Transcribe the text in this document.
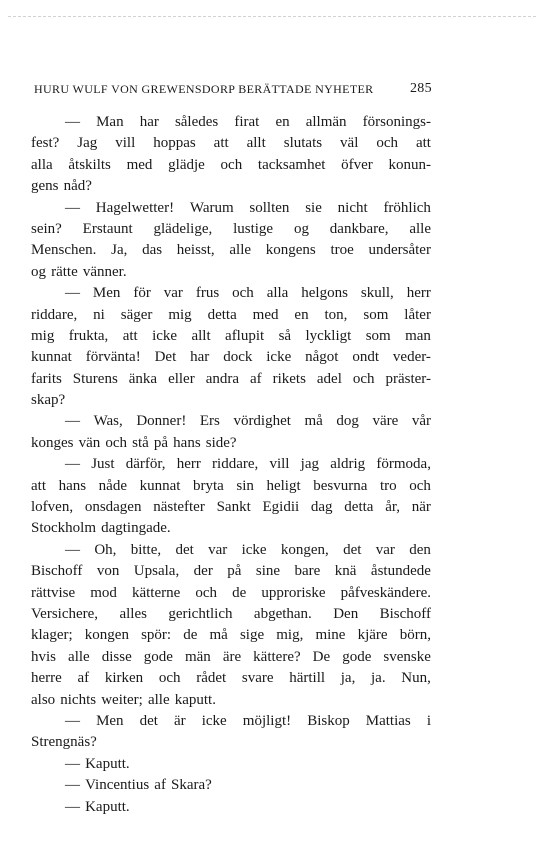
HURU WULF VON GREWENSDORP BERÄTTADE NYHETER	285
— Man har således firat en allmän försonings-
fest? Jag vill hoppas att allt slutats väl och att
alla åtskilts med glädje och tacksamhet öfver konun-
gens nåd?
— Hagelwetter! Warum sollten sie nicht fröhlich
sein? Erstaunt glädelige, lustige og dankbare, alle
Menschen. Ja, das heisst, alle kongens troe undersåter
og rätte vänner.
— Men för var frus och alla helgons skull, herr
riddare, ni säger mig detta med en ton, som låter
mig frukta, att icke allt aflupit så lyckligt som man
kunnat förvänta! Det har dock icke något ondt veder-
farits Sturens änka eller andra af rikets adel och präster-
skap?
— Was, Donner! Ers vördighet må dog väre vår
konges vän och stå på hans side?
— Just därför, herr riddare, vill jag aldrig förmoda,
att hans nåde kunnat bryta sin heligt besvurna tro och
lofven, onsdagen nästefter Sankt Egidii dag detta år, när
Stockholm dagtingade.
— Oh, bitte, det var icke kongen, det var den
Bischoff von Upsala, der på sine bare knä åstundede
rättvise mod kätterne och de upproriske påfveskändere.
Versichere, alles gerichtlich abgethan. Den Bischoff
klager; kongen spör: de må sige mig, mine kjäre börn,
hvis alle disse gode män äre kättere? De gode svenske
herre af kirken och rådet svare härtill ja, ja. Nun,
also nichts weiter; alle kaputt.
— Men det är icke möjligt! Biskop Mattias i
Strengnäs?
— Kaputt.
— Vincentius af Skara?
— Kaputt.
